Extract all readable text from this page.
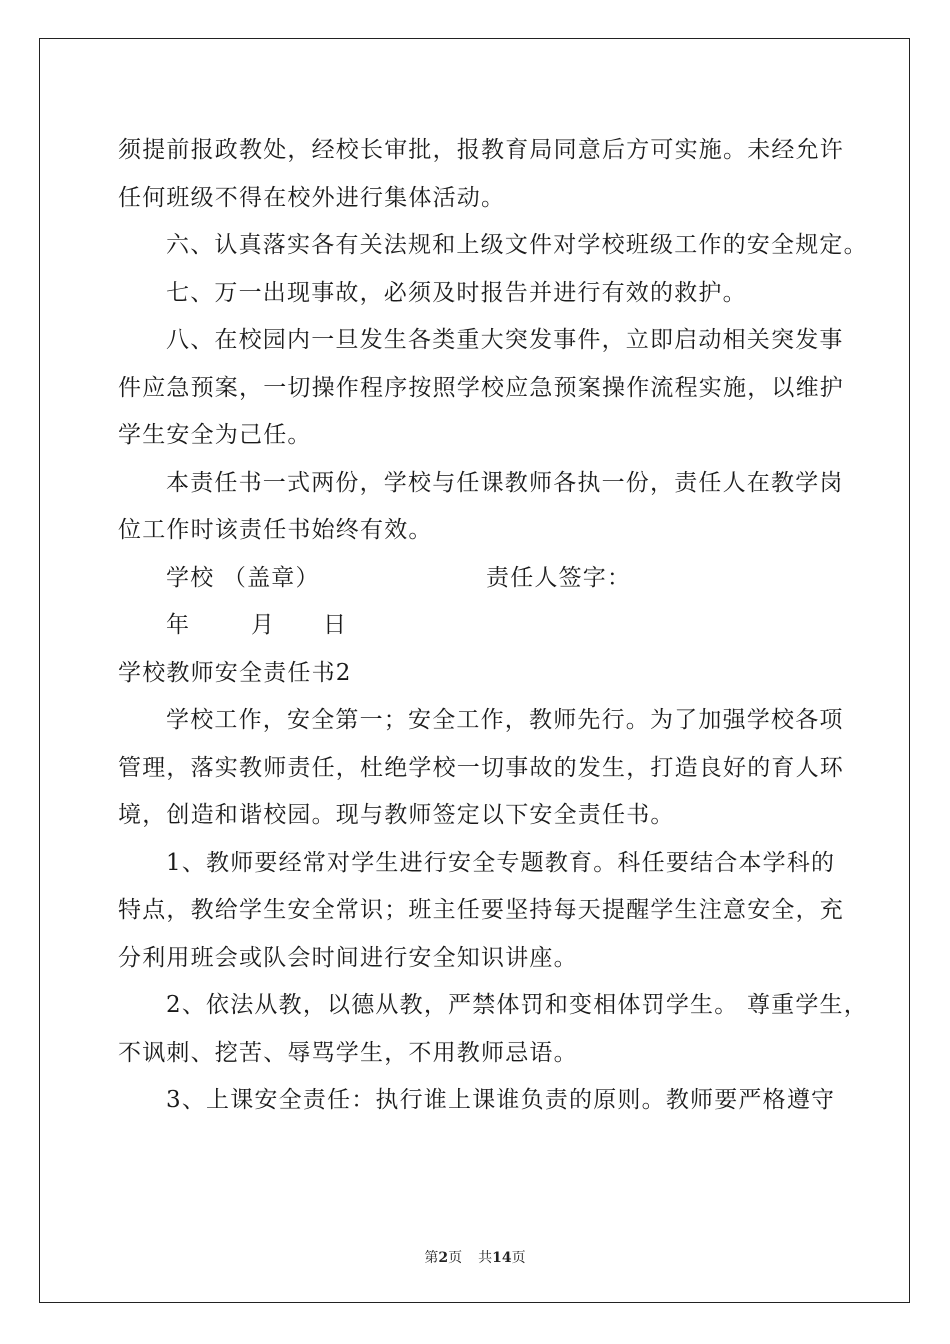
须提前报政教处，经校长审批，报教育局同意后方可实施。未经允许
任何班级不得在校外进行集体活动。
六、认真落实各有关法规和上级文件对学校班级工作的安全规定。
七、万一出现事故，必须及时报告并进行有效的救护。
八、在校园内一旦发生各类重大突发事件，立即启动相关突发事
件应急预案，一切操作程序按照学校应急预案操作流程实施，以维护
学生安全为己任。
本责任书一式两份，学校与任课教师各执一份，责任人在教学岗
位工作时该责任书始终有效。
学校 （盖章）	责任人签字：
年	月 日
学校教师安全责任书2
学校工作，安全第一；安全工作，教师先行。为了加强学校各项
管理，落实教师责任，杜绝学校一切事故的发生，打造良好的育人环
境，创造和谐校园。现与教师签定以下安全责任书。
1、教师要经常对学生进行安全专题教育。科任要结合本学科的
特点，教给学生安全常识；班主任要坚持每天提醒学生注意安全，充
分利用班会或队会时间进行安全知识讲座。
2、依法从教，以德从教，严禁体罚和变相体罚学生。 尊重学生，
不讽刺、挖苦、辱骂学生，不用教师忌语。
3、上课安全责任：执行谁上课谁负责的原则。教师要严格遵守
第2页 共14页
